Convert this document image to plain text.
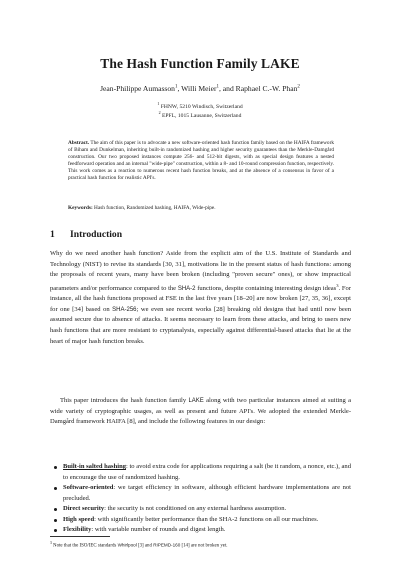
The Hash Function Family LAKE
Jean-Philippe Aumasson$^1$, Willi Meier$^1$, and Raphael C.-W. Phan$^2$
$^1$ FHNW, 5210 Windisch, Switzerland
$^2$ EPFL, 1015 Lausanne, Switzerland
Abstract. The aim of this paper is to advocate a new software-oriented hash function family based on the HAIFA framework of Biham and Dunkelman, inheriting built-in randomized hashing and higher security guarantees than the Merkle-Damgård construction. Our two proposed instances compute 256- and 512-bit digests, with as special design features a nested feedforward operation and an internal "wide-pipe" construction, within a 8- and 10-round compression function, respectively. This work comes as a reaction to numerous recent hash function breaks, and at the absence of a consensus in favor of a practical hash function for realistic API's.
Keywords: Hash function, Randomized hashing, HAIFA, Wide-pipe.
1 Introduction
Why do we need another hash function? Aside from the explicit aim of the U.S. Institute of Standards and Technology (NIST) to revise its standards [30, 31], motivations lie in the present status of hash functions: among the proposals of recent years, many have been broken (including "proven secure" ones), or show impractical parameters and/or performance compared to the SHA-2 functions, despite containing interesting design ideas$^3$. For instance, all the hash functions proposed at FSE in the last five years [18–20] are now broken [27, 35, 36], except for one [34] based on SHA-256; we even see recent works [28] breaking old designs that had until now been assumed secure due to absence of attacks. It seems necessary to learn from these attacks, and bring to users new hash functions that are more resistant to cryptanalysis, especially against differential-based attacks that lie at the heart of major hash function breaks.
This paper introduces the hash function family LAKE along with two particular instances aimed at suiting a wide variety of cryptographic usages, as well as present and future API's. We adopted the extended Merkle-Damgård framework HAIFA [8], and include the following features in our design:
Built-in salted hashing: to avoid extra code for applications requiring a salt (be it random, a nonce, etc.), and to encourage the use of randomized hashing.
Software-oriented: we target efficiency in software, although efficient hardware implementations are not precluded.
Direct security: the security is not conditioned on any external hardness assumption.
High speed: with significantly better performance than the SHA-2 functions on all our machines.
Flexibility: with variable number of rounds and digest length.
$^3$ Note that the ISO/IEC standards Whirlpool [3] and RIPEMD-160 [14] are not broken yet.
